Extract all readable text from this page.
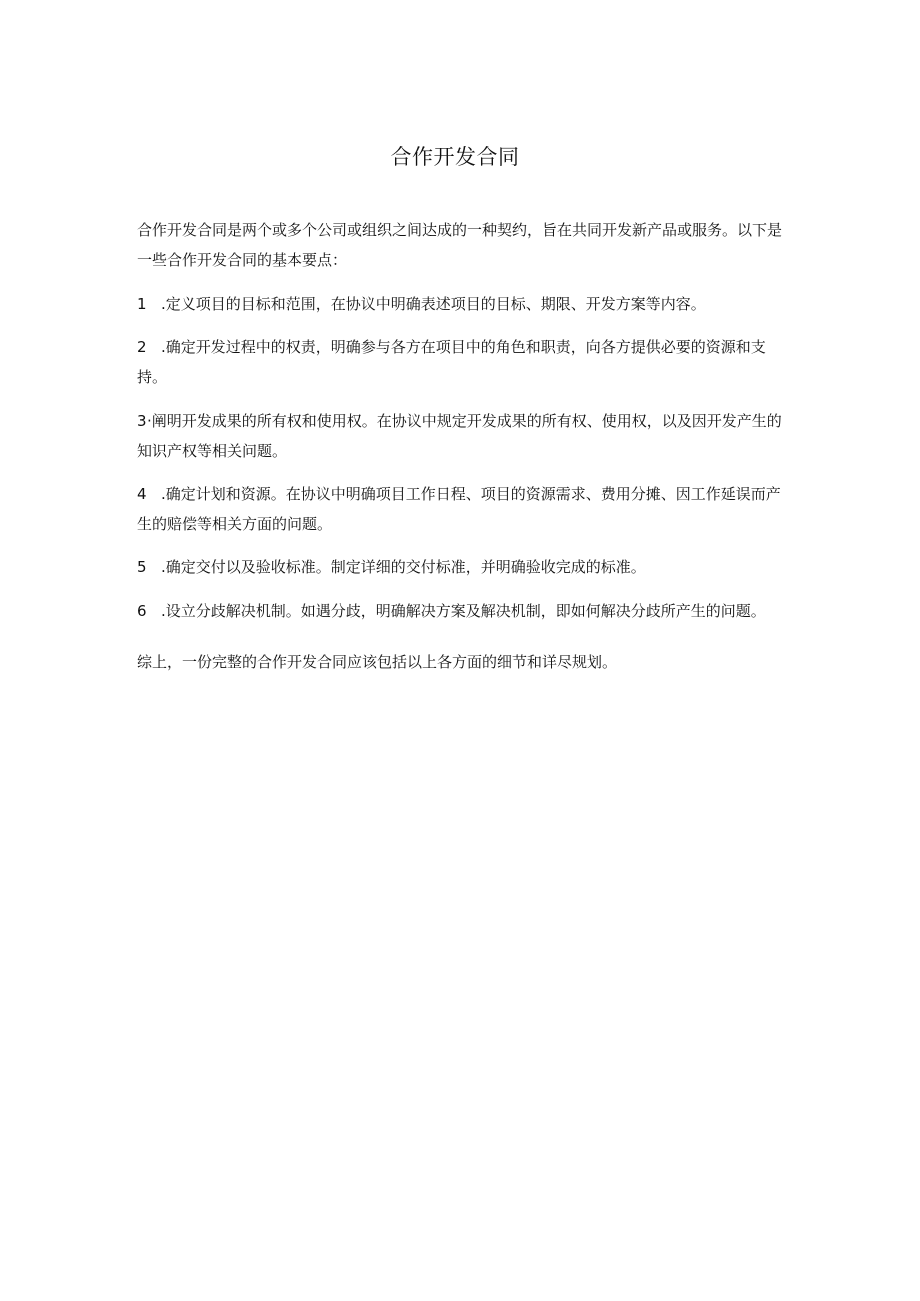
合作开发合同
合作开发合同是两个或多个公司或组织之间达成的一种契约，旨在共同开发新产品或服务。以下是一些合作开发合同的基本要点：
1 .定义项目的目标和范围，在协议中明确表述项目的目标、期限、开发方案等内容。
2 .确定开发过程中的权责，明确参与各方在项目中的角色和职责，向各方提供必要的资源和支持。
3·阐明开发成果的所有权和使用权。在协议中规定开发成果的所有权、使用权，以及因开发产生的知识产权等相关问题。
4 .确定计划和资源。在协议中明确项目工作日程、项目的资源需求、费用分摊、因工作延误而产生的赔偿等相关方面的问题。
5 .确定交付以及验收标准。制定详细的交付标准，并明确验收完成的标准。
6 .设立分歧解决机制。如遇分歧，明确解决方案及解决机制，即如何解决分歧所产生的问题。
综上，一份完整的合作开发合同应该包括以上各方面的细节和详尽规划。
